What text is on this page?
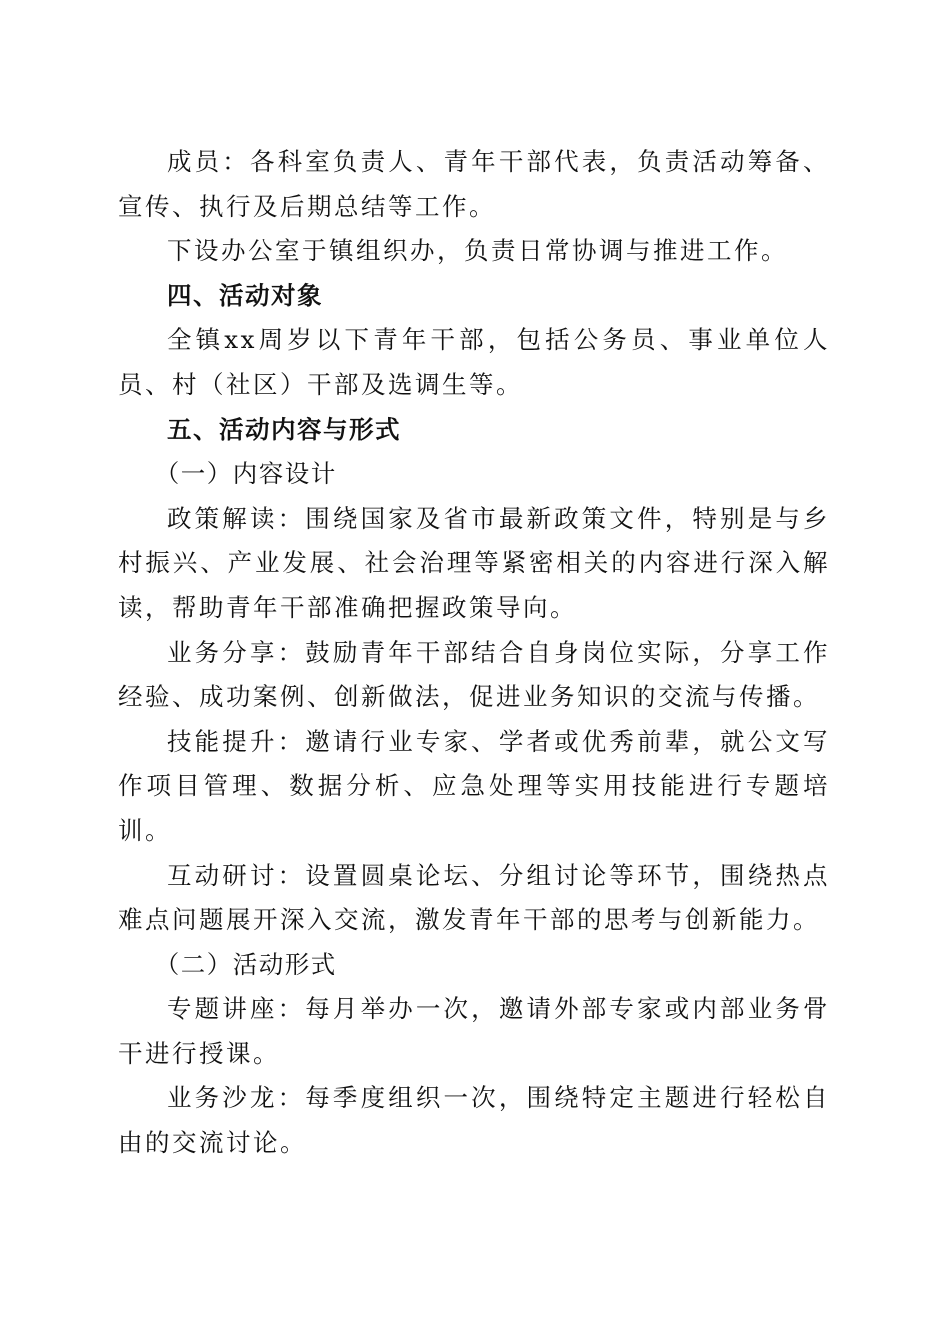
成员：各科室负责人、青年干部代表，负责活动筹备、宣传、执行及后期总结等工作。

下设办公室于镇组织办，负责日常协调与推进工作。

四、活动对象

全镇xx周岁以下青年干部，包括公务员、事业单位人员、村（社区）干部及选调生等。

五、活动内容与形式

（一）内容设计

政策解读：围绕国家及省市最新政策文件，特别是与乡村振兴、产业发展、社会治理等紧密相关的内容进行深入解读，帮助青年干部准确把握政策导向。

业务分享：鼓励青年干部结合自身岗位实际，分享工作经验、成功案例、创新做法，促进业务知识的交流与传播。

技能提升：邀请行业专家、学者或优秀前辈，就公文写作项目管理、数据分析、应急处理等实用技能进行专题培训。

互动研讨：设置圆桌论坛、分组讨论等环节，围绕热点难点问题展开深入交流，激发青年干部的思考与创新能力。

（二）活动形式

专题讲座：每月举办一次，邀请外部专家或内部业务骨干进行授课。

业务沙龙：每季度组织一次，围绕特定主题进行轻松自由的交流讨论。
